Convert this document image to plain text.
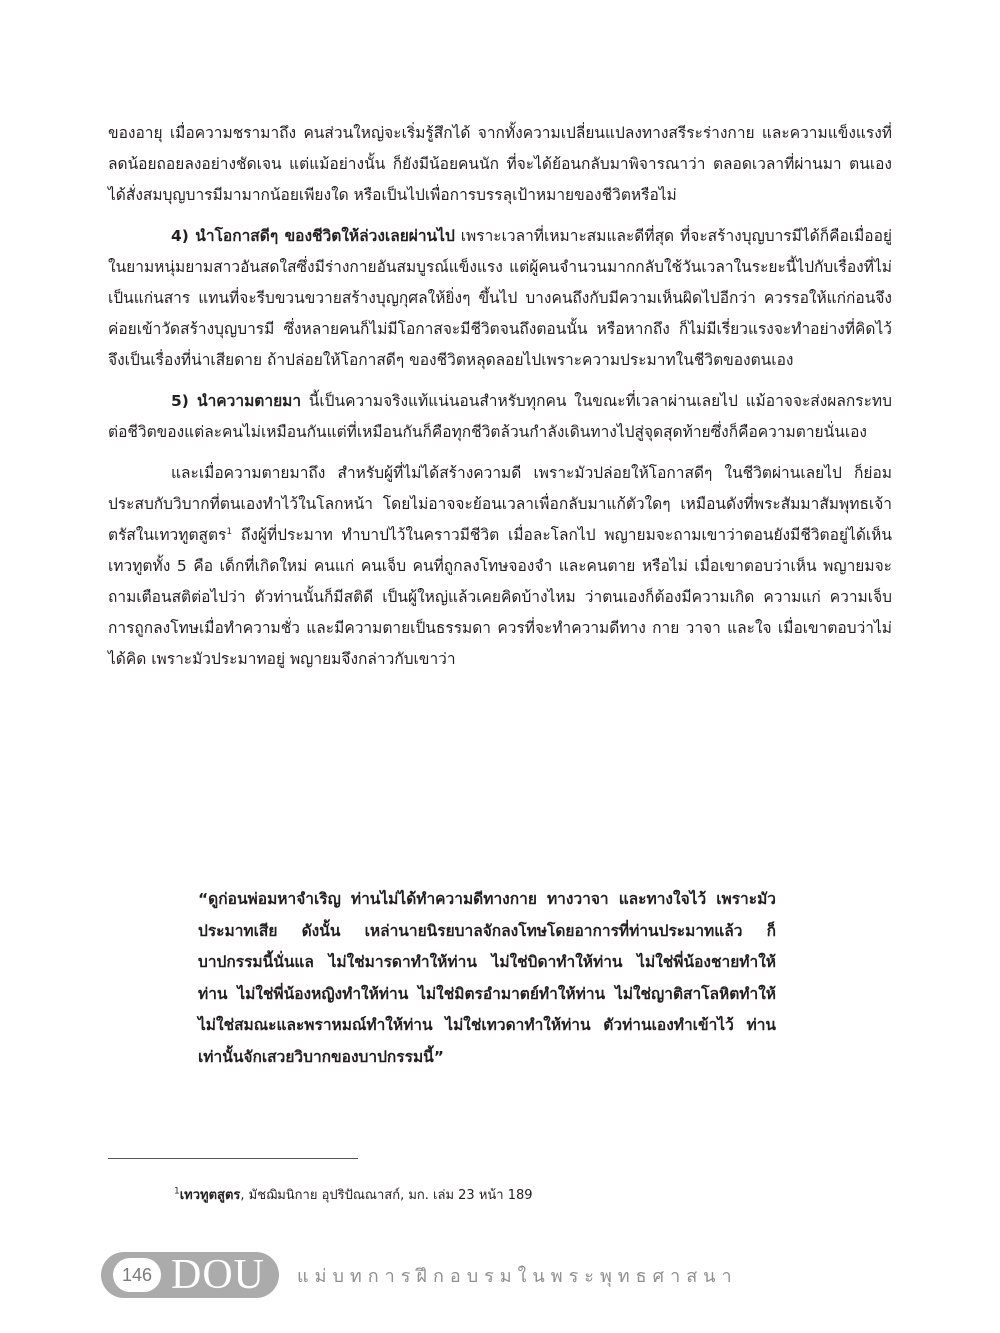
ของอายุ เมื่อความชรามาถึง คนส่วนใหญ่จะเริ่มรู้สึกได้ จากทั้งความเปลี่ยนแปลงทางสรีระร่างกาย และความแข็งแรงที่ลดน้อยถอยลงอย่างชัดเจน แต่แม้อย่างนั้น ก็ยังมีน้อยคนนัก ที่จะได้ย้อนกลับมาพิจารณาว่า ตลอดเวลาที่ผ่านมา ตนเองได้สั่งสมบุญบารมีมามากน้อยเพียงใด หรือเป็นไปเพื่อการบรรลุเป้าหมายของชีวิตหรือไม่

4) นำโอกาสดีๆ ของชีวิตให้ล่วงเลยผ่านไป เพราะเวลาที่เหมาะสมและดีที่สุด ที่จะสร้างบุญบารมีได้ก็คือเมื่ออยู่ในยามหนุ่มยามสาวอันสดใสซึ่งมีร่างกายอันสมบูรณ์แข็งแรง แต่ผู้คนจำนวนมากกลับใช้วันเวลาในระยะนี้ไปกับเรื่องที่ไม่เป็นแก่นสาร แทนที่จะรีบขวนขวายสร้างบุญกุศลให้ยิ่งๆ ขึ้นไป บางคนถึงกับมีความเห็นผิดไปอีกว่า ควรรอให้แก่ก่อนจึงค่อยเข้าวัดสร้างบุญบารมี ซึ่งหลายคนก็ไม่มีโอกาสจะมีชีวิตจนถึงตอนนั้น หรือหากถึง ก็ไม่มีเรี่ยวแรงจะทำอย่างที่คิดไว้ จึงเป็นเรื่องที่น่าเสียดาย ถ้าปล่อยให้โอกาสดีๆ ของชีวิตหลุดลอยไปเพราะความประมาทในชีวิตของตนเอง

5) นำความตายมา นี้เป็นความจริงแท้แน่นอนสำหรับทุกคน ในขณะที่เวลาผ่านเลยไป แม้อาจจะส่งผลกระทบต่อชีวิตของแต่ละคนไม่เหมือนกันแต่ที่เหมือนกันก็คือทุกชีวิตล้วนกำลังเดินทางไปสู่จุดสุดท้ายซึ่งก็คือความตายนั่นเอง

และเมื่อความตายมาถึง สำหรับผู้ที่ไม่ได้สร้างความดี เพราะมัวปล่อยให้โอกาสดีๆ ในชีวิตผ่านเลยไป ก็ย่อมประสบกับวิบากที่ตนเองทำไว้ในโลกหน้า โดยไม่อาจจะย้อนเวลาเพื่อกลับมาแก้ตัวใดๆ เหมือนดังที่พระสัมมาสัมพุทธเจ้าตรัสในเทวทูตสูตร$^1$ ถึงผู้ที่ประมาท ทำบาปไว้ในคราวมีชีวิต เมื่อละโลกไป พญายมจะถามเขาว่าตอนยังมีชีวิตอยู่ได้เห็นเทวทูตทั้ง 5 คือ เด็กที่เกิดใหม่ คนแก่ คนเจ็บ คนที่ถูกลงโทษจองจำ และคนตาย หรือไม่ เมื่อเขาตอบว่าเห็น พญายมจะถามเตือนสติต่อไปว่า ตัวท่านนั้นก็มีสติดี เป็นผู้ใหญ่แล้วเคยคิดบ้างไหม ว่าตนเองก็ต้องมีความเกิด ความแก่ ความเจ็บ การถูกลงโทษเมื่อทำความชั่ว และมีความตายเป็นธรรมดา ควรที่จะทำความดีทาง กาย วาจา และใจ เมื่อเขาตอบว่าไม่ได้คิด เพราะมัวประมาทอยู่ พญายมจึงกล่าวกับเขาว่า

“ดูก่อนพ่อมหาจำเริญ ท่านไม่ได้ทำความดีทางกาย ทางวาจา และทางใจไว้ เพราะมัวประมาทเสีย ดังนั้น เหล่านายนิรยบาลจักลงโทษโดยอาการที่ท่านประมาทแล้ว ก็บาปกรรมนี้นั่นแล ไม่ใช่มารดาทำให้ท่าน ไม่ใช่บิดาทำให้ท่าน ไม่ใช่พี่น้องชายทำให้ท่าน ไม่ใช่พี่น้องหญิงทำให้ท่าน ไม่ใช่มิตรอำมาตย์ทำให้ท่าน ไม่ใช่ญาติสาโลหิตทำให้ไม่ใช่สมณะและพราหมณ์ทำให้ท่าน ไม่ใช่เทวดาทำให้ท่าน ตัวท่านเองทำเข้าไว้ ท่านเท่านั้นจักเสวยวิบากของบาปกรรมนี้”

$^1$เทวทูตสูตร, มัชฌิมนิกาย อุปริปัณณาสก์, มก. เล่ม 23 หน้า 189
146 DOU แม่บทการฝึกอบรมในพระพุทธศาสนา
